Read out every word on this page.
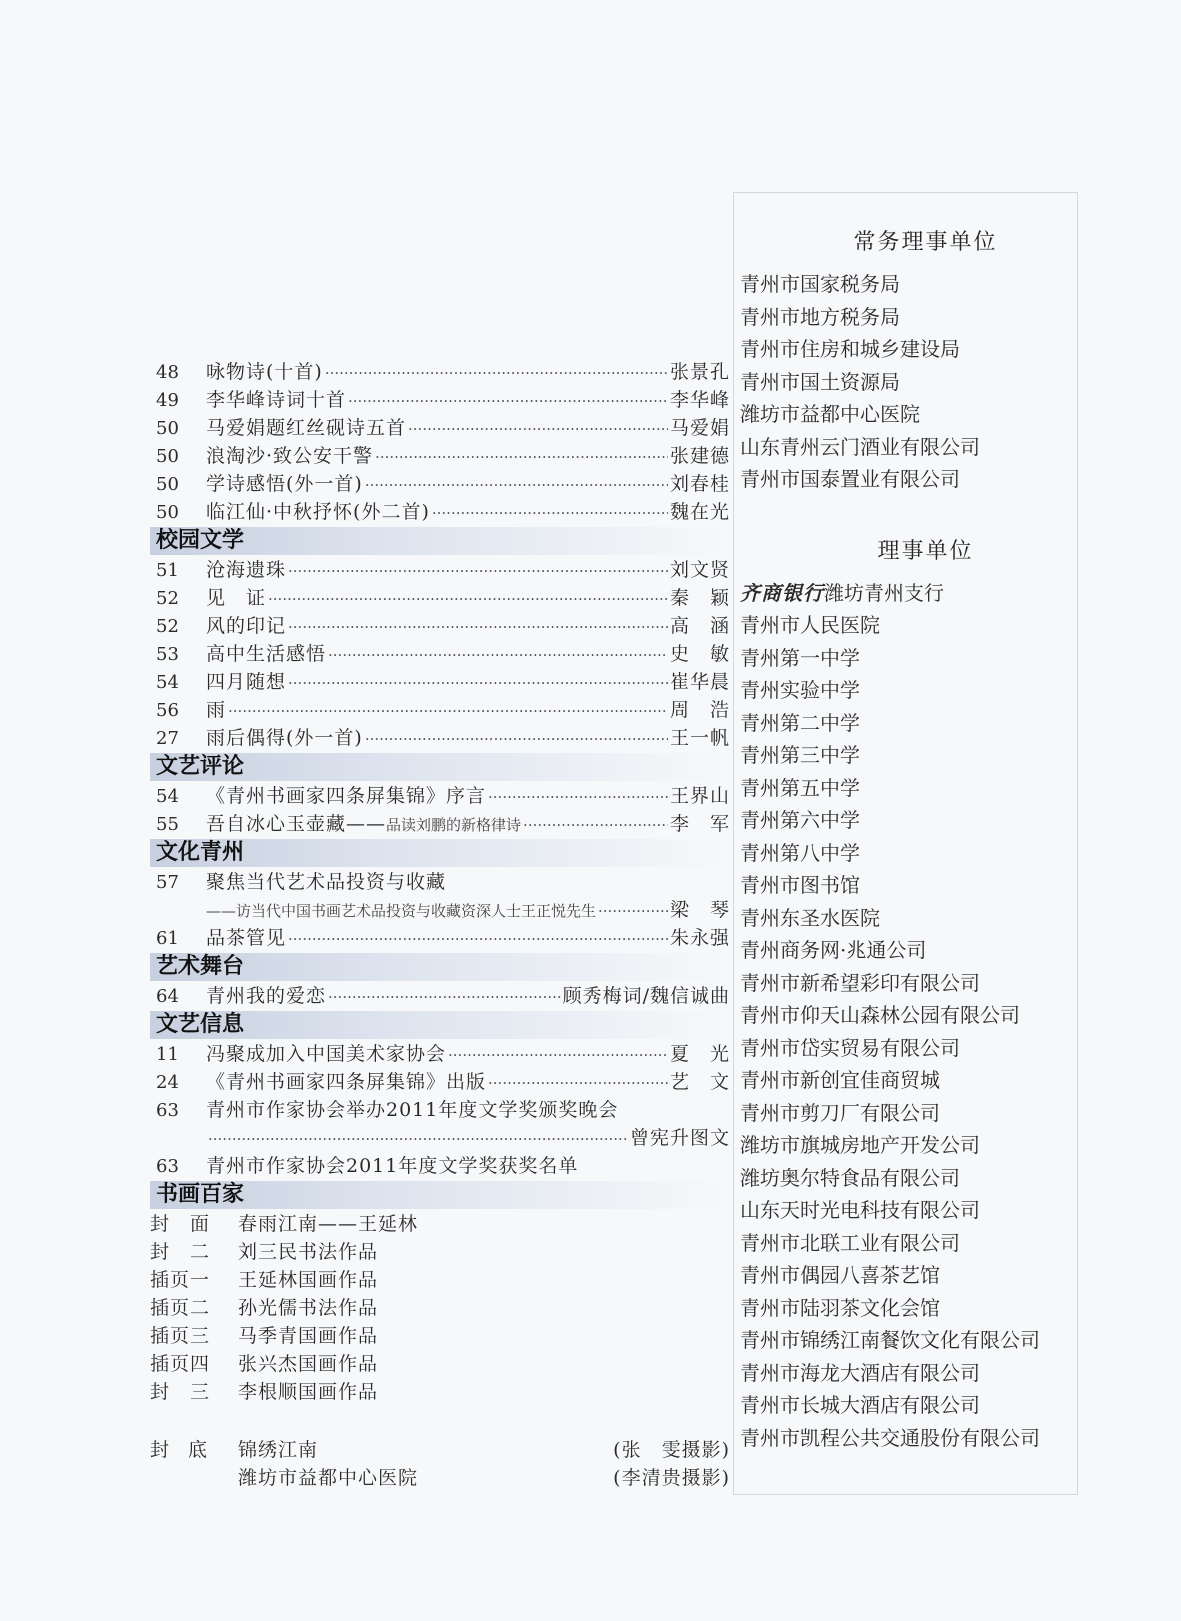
48	咏物诗(十首) ·····	张景孔
49	李华峰诗词十首 ·····	李华峰
50	马爱娟题红丝砚诗五首 ·····	马爱娟
50	浪淘沙·致公安干警 ·····	张建德
50	学诗感悟(外一首) ·····	刘春桂
50	临江仙·中秋抒怀(外二首) ·····	魏在光
校园文学
51	沧海遗珠 ·····	刘文贤
52	见　证 ·····	秦　颖
52	风的印记 ·····	高　涵
53	高中生活感悟 ·····	史　敏
54	四月随想 ·····	崔华晨
56	雨 ·····	周　浩
27	雨后偶得(外一首) ·····	王一帆
文艺评论
54	《青州书画家四条屏集锦》序言 ·····	王界山
55	吾自冰心玉壶藏—— 品读刘鹏的新格律诗 ·····	李　军
文化青州
57	聚焦当代艺术品投资与收藏
——访当代中国书画艺术品投资与收藏资深人士王正悦先生 ·····	梁　琴
61	品茶管见 ·····	朱永强
艺术舞台
64	青州我的爱恋 ·····	顾秀梅词/魏信诚曲
文艺信息
11	冯聚成加入中国美术家协会 ·····	夏　光
24	《青州书画家四条屏集锦》出版 ·····	艺　文
63	青州市作家协会举办2011年度文学奖颁奖晚会
·····
曾宪升图文
63	青州市作家协会2011年度文学奖获奖名单
书画百家
封　面	春雨江南——王延林
封　二	刘三民书法作品
插页一	王延林国画作品
插页二	孙光儒书法作品
插页三	马季青国画作品
插页四	张兴杰国画作品
封　三	李根顺国画作品
封　底	锦绣江南	(张　雯摄影)
潍坊市益都中心医院	(李清贵摄影)
常务理事单位
青州市国家税务局
青州市地方税务局
青州市住房和城乡建设局
青州市国土资源局
潍坊市益都中心医院
山东青州云门酒业有限公司
青州市国泰置业有限公司
理事单位
齐商银行潍坊青州支行
青州市人民医院
青州第一中学
青州实验中学
青州第二中学
青州第三中学
青州第五中学
青州第六中学
青州第八中学
青州市图书馆
青州东圣水医院
青州商务网·兆通公司
青州市新希望彩印有限公司
青州市仰天山森林公园有限公司
青州市岱实贸易有限公司
青州市新创宜佳商贸城
青州市剪刀厂有限公司
潍坊市旗城房地产开发公司
潍坊奥尔特食品有限公司
山东天时光电科技有限公司
青州市北联工业有限公司
青州市偶园八喜茶艺馆
青州市陆羽茶文化会馆
青州市锦绣江南餐饮文化有限公司
青州市海龙大酒店有限公司
青州市长城大酒店有限公司
青州市凯程公共交通股份有限公司
